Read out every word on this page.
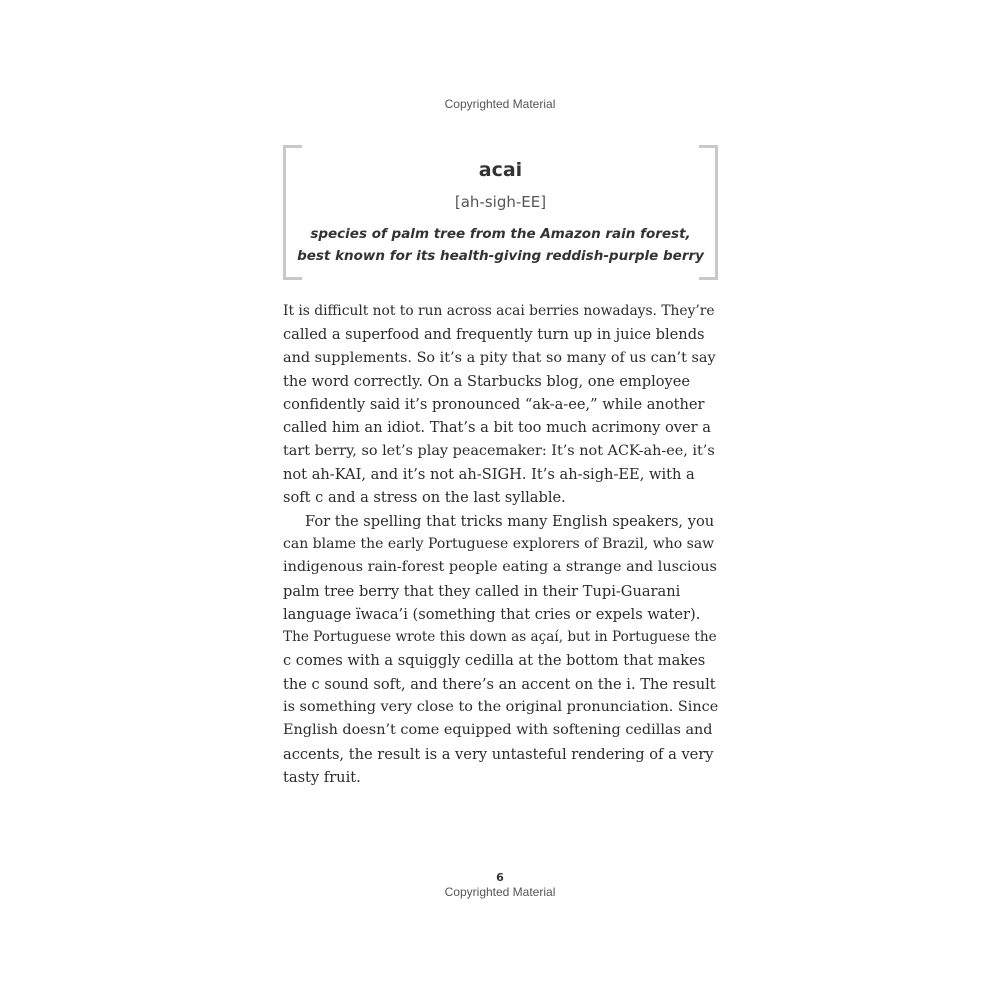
Copyrighted Material
acai
[ah-sigh-EE]
species of palm tree from the Amazon rain forest,
best known for its health-giving reddish-purple berry
It is difficult not to run across acai berries nowadays. They’re
called a superfood and frequently turn up in juice blends
and supplements. So it’s a pity that so many of us can’t say
the word correctly. On a Starbucks blog, one employee
confidently said it’s pronounced “ak-a-ee,” while another
called him an idiot. That’s a bit too much acrimony over a
tart berry, so let’s play peacemaker: It’s not ACK-ah-ee, it’s
not ah-KAI, and it’s not ah-SIGH. It’s ah-sigh-EE, with a
soft c and a stress on the last syllable.
For the spelling that tricks many English speakers, you
can blame the early Portuguese explorers of Brazil, who saw
indigenous rain-forest people eating a strange and luscious
palm tree berry that they called in their Tupi-Guarani
language ïwaca’i (something that cries or expels water).
The Portuguese wrote this down as açaí, but in Portuguese the
c comes with a squiggly cedilla at the bottom that makes
the c sound soft, and there’s an accent on the i. The result
is something very close to the original pronunciation. Since
English doesn’t come equipped with softening cedillas and
accents, the result is a very untasteful rendering of a very
tasty fruit.
6
Copyrighted Material
